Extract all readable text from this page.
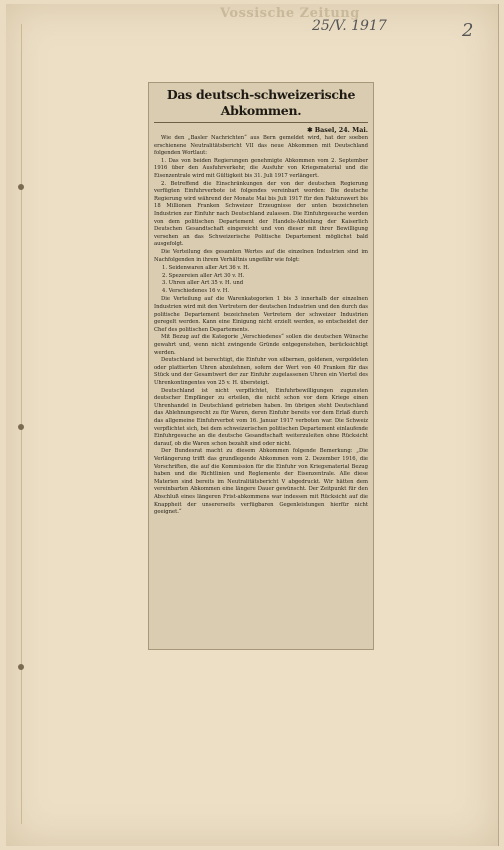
Vossische Zeitung
25/V. 1917	2
Das deutsch-schweizerische Abkommen.
✱ Basel, 24. Mai.

Wie den „Basler Nachrichten“ aus Bern gemeldet wird, hat der soeben erschienene Neutralitätsbericht VII das neue Abkommen mit Deutschland folgenden Wortlaut:

1. Das von beiden Regierungen genehmigte Abkommen vom 2. September 1916 über den Ausfuhrverkehr, die Ausfuhr von Kriegsmaterial und die Eisenzentrale wird mit Gültigkeit bis 31. Juli 1917 verlängert.

2. Betreffend die Einschränkungen der von der deutschen Regierung verfügten Einfuhrverbote ist folgendes vereinbart worden: Die deutsche Regierung wird während der Monate Mai bis Juli 1917 für den Fakturawert bis 18 Millionen Franken Schweizer Erzeugnisse der unten bezeichneten Industrien zur Einfuhr nach Deutschland zulassen. Die Einfuhrgesuche werden von dem politischen Departement der Handels-Abteilung der Kaiserlich Deutschen Gesandtschaft eingereicht und von dieser mit ihrer Bewilligung versehen an das Schweizerische Politische Departement möglichst bald ausgefolgt.

Die Verteilung des gesamten Wertes auf die einzelnen Industrien sind im Nachfolgenden in ihrem Verhältnis ungefähr wie folgt:

1. Seidenwaren aller Art 36 v. H.
2. Spezereien aller Art 30 v. H.
3. Uhren aller Art 35 v. H. und
4. Verschiedenes 16 v. H.

Die Verteilung auf die Warenkategorien 1 bis 3 innerhalb der einzelnen Industrien wird mit den Vertretern der deutschen Industrien und den durch das politische Departement bezeichneten Vertretern der schweizer Industrien geregelt werden. Kann eine Einigung nicht erzielt werden, so entscheidet der Chef des politischen Departements.

Mit Bezug auf die Kategorie „Verschiedenes“ sollen die deutschen Wünsche gewahrt und, wenn nicht zwingende Gründe entgegenstehen, berücksichtigt werden.

Deutschland ist berechtigt, die Einfuhr von silbernen, goldenen, vergoldeten oder plattierten Uhren abzulehnen, sofern der Wert von 40 Franken für das Stück und der Gesamtwert der zur Einfuhr zugelassenen Uhren ein Viertel des Uhrenkontingentes von 25 v. H. übersteigt.

Deutschland ist nicht verpflichtet, Einfuhrbewilligungen zugunsten deutscher Empfänger zu erteilen, die nicht schon vor dem Kriege einen Uhrenhandel in Deutschland getrieben haben. Im übrigen steht Deutschland das Ablehnungsrecht zu für Waren, deren Einfuhr bereits vor dem Erlaß durch das allgemeine Einfuhrverbot vom 16. Januar 1917 verboten war. Die Schweiz verpflichtet sich, bei dem schweizerischen politischen Departement einlaufende Einfuhrgesuche an die deutsche Gesandtschaft weiterzuleiten ohne Rücksicht darauf, ob die Waren schon bezahlt sind oder nicht.

Der Bundesrat macht zu diesem Abkommen folgende Bemerkung: „Die Verlängerung trifft das grundlegende Abkommen vom 2. Dezember 1916, die Vorschriften, die auf die Kommission für die Einfuhr von Kriegsmaterial Bezug haben und die Richtlinien und Reglemente der Eisenzentrale. Alle diese Materien sind bereits im Neutralitätsbericht V abgedruckt. Wir hätten dem vereinbarten Abkommen eine längere Dauer gewünscht. Der Zeitpunkt für den Abschluß eines längeren Frist-abkommens war indessen mit Rücksicht auf die Knappheit der unsererseits verfügbaren Gegenleistungen hierfür nicht geeignet.“
